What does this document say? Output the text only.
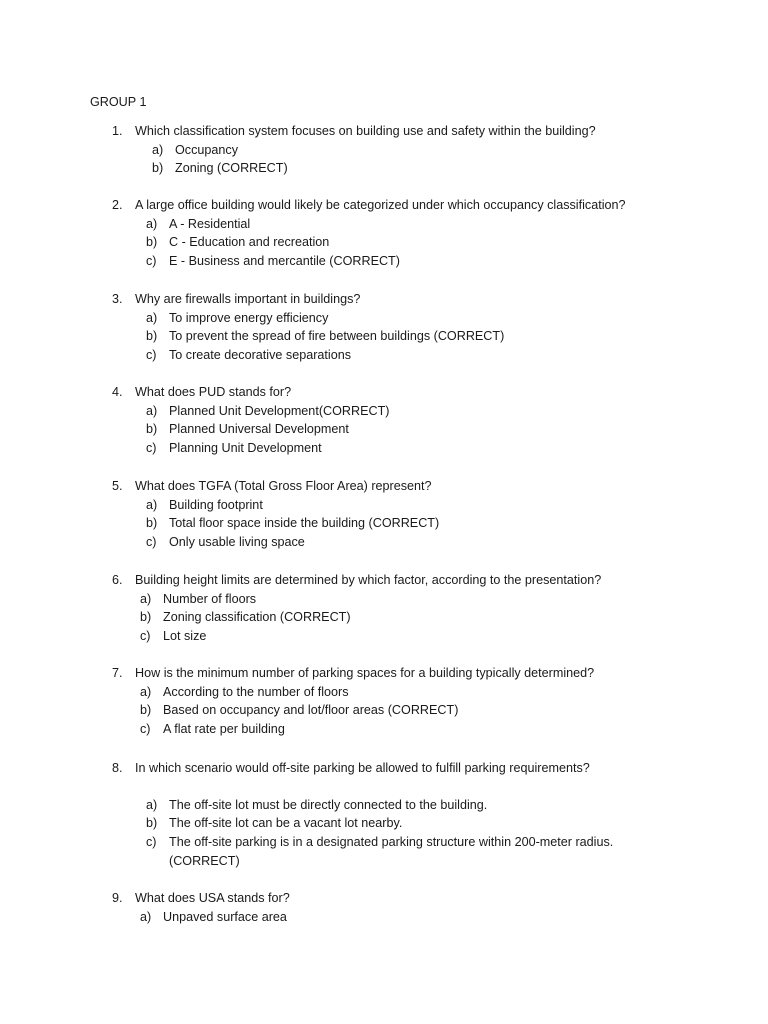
GROUP 1
1. Which classification system focuses on building use and safety within the building?
a) Occupancy
b) Zoning (CORRECT)
2. A large office building would likely be categorized under which occupancy classification?
a) A - Residential
b) C - Education and recreation
c) E - Business and mercantile (CORRECT)
3. Why are firewalls important in buildings?
a) To improve energy efficiency
b) To prevent the spread of fire between buildings (CORRECT)
c) To create decorative separations
4. What does PUD stands for?
a) Planned Unit Development(CORRECT)
b) Planned Universal Development
c) Planning Unit Development
5. What does TGFA (Total Gross Floor Area) represent?
a) Building footprint
b) Total floor space inside the building (CORRECT)
c) Only usable living space
6. Building height limits are determined by which factor, according to the presentation?
a) Number of floors
b) Zoning classification (CORRECT)
c) Lot size
7. How is the minimum number of parking spaces for a building typically determined?
a) According to the number of floors
b) Based on occupancy and lot/floor areas (CORRECT)
c) A flat rate per building
8. In which scenario would off-site parking be allowed to fulfill parking requirements?
a) The off-site lot must be directly connected to the building.
b) The off-site lot can be a vacant lot nearby.
c) The off-site parking is in a designated parking structure within 200-meter radius. (CORRECT)
9. What does USA stands for?
a) Unpaved surface area
